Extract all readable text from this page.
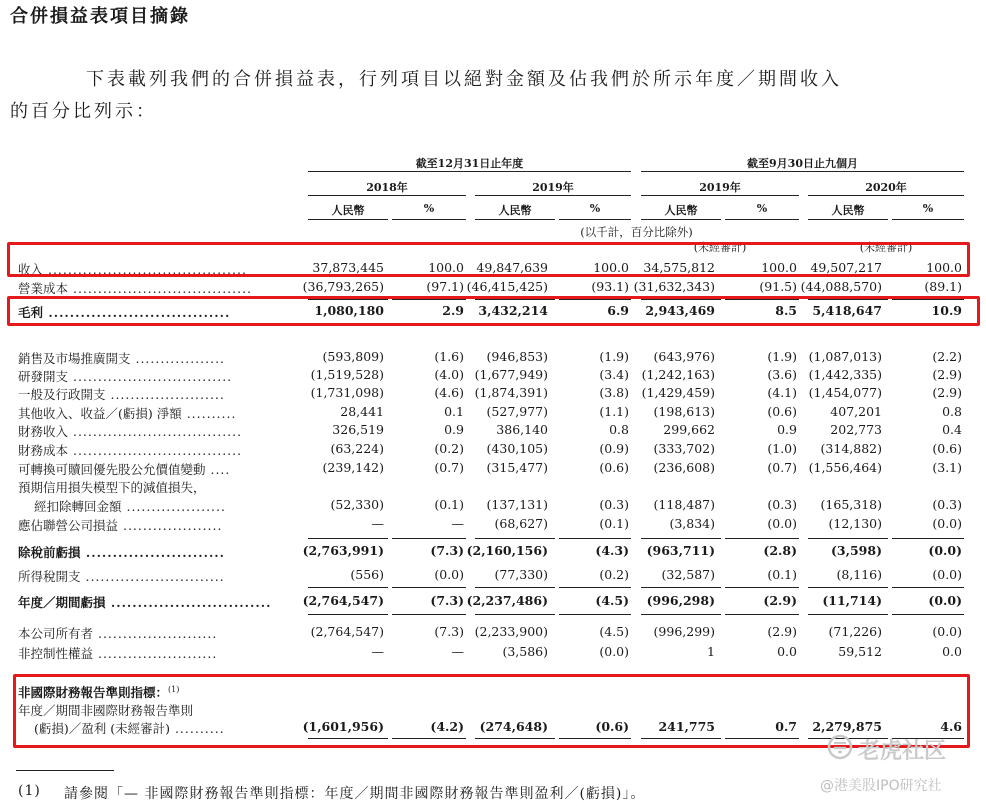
合併損益表項目摘錄
下表載列我們的合併損益表，行列項目以絕對金額及佔我們於所示年度／期間收入
的百分比列示：
截至12月31日止年度	截至9月30日止九個月
2018年	2019年	2019年	2020年
人民幣	%	人民幣	%	人民幣	%	人民幣	%
(以千計，百分比除外)
(未經審計)	(未經審計)
收入 ........................................	37,873,445	100.0 49,847,639	100.0 34,575,812	100.0 49,507,217	100.0
營業成本 ....................................	(36,793,265)	(97.1) (46,415,425)	(93.1) (31,632,343)	(91.5) (44,088,570)	(89.1)
毛利 ..................................	1,080,180	2.9 3,432,214	6.9 2,943,469	8.5 5,418,647	10.9
銷售及市場推廣開支 ..................	(593,809)	(1.6) (946,853)	(1.9) (643,976)	(1.9) (1,087,013)	(2.2)
研發開支 ................................	(1,519,528)	(4.0) (1,677,949)	(3.4) (1,242,163)	(3.6) (1,442,335)	(2.9)
一般及行政開支 .......................	(1,731,098)	(4.6) (1,874,391)	(3.8) (1,429,459)	(4.1) (1,454,077)	(2.9)
其他收入、收益／(虧損) 淨額 ..........	28,441	0.1 (527,977)	(1.1) (198,613)	(0.6)	407,201	0.8
財務收入 ..................................	326,519	0.9	386,140	0.8	299,662	0.9	202,773	0.4
財務成本 ..................................	(63,224)	(0.2) (430,105)	(0.9) (333,702)	(1.0) (314,882)	(0.6)
可轉換可贖回優先股公允價值變動 ....	(239,142)	(0.7) (315,477)	(0.6) (236,608)	(0.7) (1,556,464)	(3.1)
預期信用損失模型下的減值損失，
經扣除轉回金額 ....................	(52,330)	(0.1) (137,131)	(0.3) (118,487)	(0.3) (165,318)	(0.3)
應佔聯營公司損益 ....................	—	— (68,627)	(0.1)	(3,834)	(0.0)	(12,130)	(0.0)
除稅前虧損 ..........................	(2,763,991)	(7.3) (2,160,156)	(4.3) (963,711)	(2.8)	(3,598)	(0.0)
所得稅開支 ............................	(556)	(0.0) (77,330)	(0.2)	(32,587)	(0.1)	(8,116)	(0.0)
年度／期間虧損 .............................. (2,764,547)	(7.3) (2,237,486)	(4.5) (996,298)	(2.9) (11,714)	(0.0)
本公司所有者 ........................	(2,764,547)	(7.3) (2,233,900)	(4.5) (996,299)	(2.9)	(71,226)	(0.0)
非控制性權益 ........................	—	—	(3,586)	(0.0)	1	0.0	59,512	0.0
非國際財務報告準則指標：$^{(1)}$
年度／期間非國際財務報告準則
(虧損)／盈利 (未經審計) ..........	(1,601,956)	(4.2) (274,648)	(0.6) 241,775	0.7 2,279,875	4.6
(1) 請參閱「— 非國際財務報告準則指標：年度／期間非國際財務報告準則盈利／(虧損)」。
老虎社区
@港美股IPO研究社
